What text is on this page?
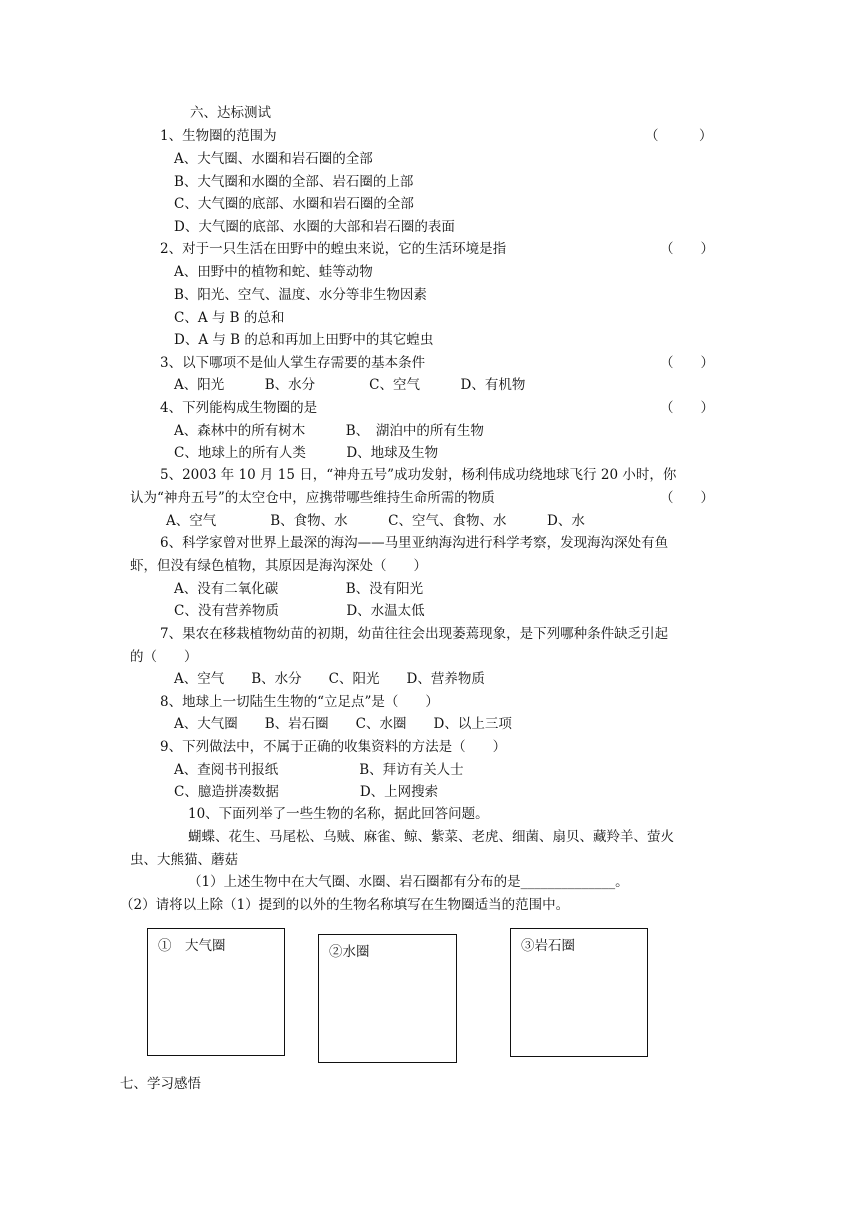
六、达标测试
1、生物圈的范围为	（　　　）
A、大气圈、水圈和岩石圈的全部
B、大气圈和水圈的全部、岩石圈的上部
C、大气圈的底部、水圈和岩石圈的全部
D、大气圈的底部、水圈的大部和岩石圈的表面
2、对于一只生活在田野中的蝗虫来说，它的生活环境是指	（　　）
A、田野中的植物和蛇、蛙等动物
B、阳光、空气、温度、水分等非生物因素
C、A 与 B 的总和
D、A 与 B 的总和再加上田野中的其它蝗虫
3、以下哪项不是仙人掌生存需要的基本条件	（　　）
A、阳光　　　B、水分　　　　C、空气　　　D、有机物
4、下列能构成生物圈的是	（　　）
A、森林中的所有树木　　　B、　湖泊中的所有生物
C、地球上的所有人类　　　D、地球及生物
5、2003 年 10 月 15 日，“神舟五号”成功发射，杨利伟成功绕地球飞行 20 小时，你
认为“神舟五号”的太空仓中，应携带哪些维持生命所需的物质	（　　）
A、空气　　　　B、食物、水　　　C、空气、食物、水　　　D、水
6、科学家曾对世界上最深的海沟——马里亚纳海沟进行科学考察，发现海沟深处有鱼
虾，但没有绿色植物，其原因是海沟深处（　　）
A、没有二氧化碳　　　　　B、没有阳光
C、没有营养物质　　　　　D、水温太低
7、果农在移栽植物幼苗的初期，幼苗往往会出现萎蔫现象，是下列哪种条件缺乏引起
的（　　）
A、空气　　B、水分　　C、阳光　　D、营养物质
8、地球上一切陆生生物的“立足点”是（　　）
A、大气圈　　B、岩石圈　　C、水圈　　D、以上三项
9、下列做法中，不属于正确的收集资料的方法是（　　）
A、查阅书刊报纸　　　　　　B、拜访有关人士
C、臆造拼凑数据　　　　　　D、上网搜索
10、下面列举了一些生物的名称，据此回答问题。
蝴蝶、花生、马尾松、乌贼、麻雀、鲸、紫菜、老虎、细菌、扇贝、藏羚羊、萤火
虫、大熊猫、蘑菇
（1）上述生物中在大气圈、水圈、岩石圈都有分布的是______________。
（2）请将以上除（1）提到的以外的生物名称填写在生物圈适当的范围中。
①　大气圈	②水圈	③岩石圈
七、学习感悟
